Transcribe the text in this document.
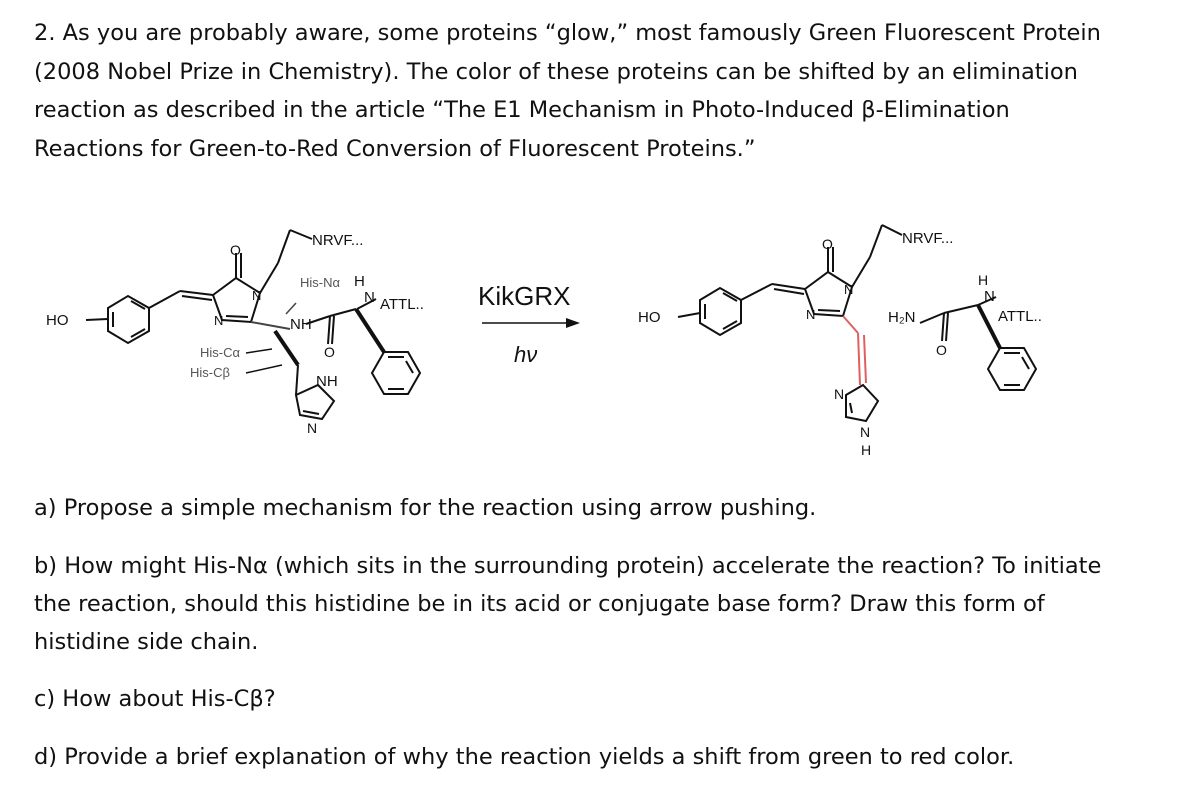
2. As you are probably aware, some proteins “glow,” most famously Green Fluorescent Protein
(2008 Nobel Prize in Chemistry). The color of these proteins can be shifted by an elimination
reaction as described in the article “The E1 Mechanism in Photo-Induced β-Elimination
Reactions for Green-to-Red Conversion of Fluorescent Proteins.”
HO
NRVF...
His-Nα H
N ATTL..
NH
His-Cα
His-Cβ
NH
N
O
O
N
N
KikGRX
hν
HO
NRVF...
H₂N
H
N
ATTL..
O
O
N
N
N
N
H

a) Propose a simple mechanism for the reaction using arrow pushing.

b) How might His-Nα (which sits in the surrounding protein) accelerate the reaction? To initiate
the reaction, should this histidine be in its acid or conjugate base form? Draw this form of
histidine side chain.

c) How about His-Cβ?

d) Provide a brief explanation of why the reaction yields a shift from green to red color.
